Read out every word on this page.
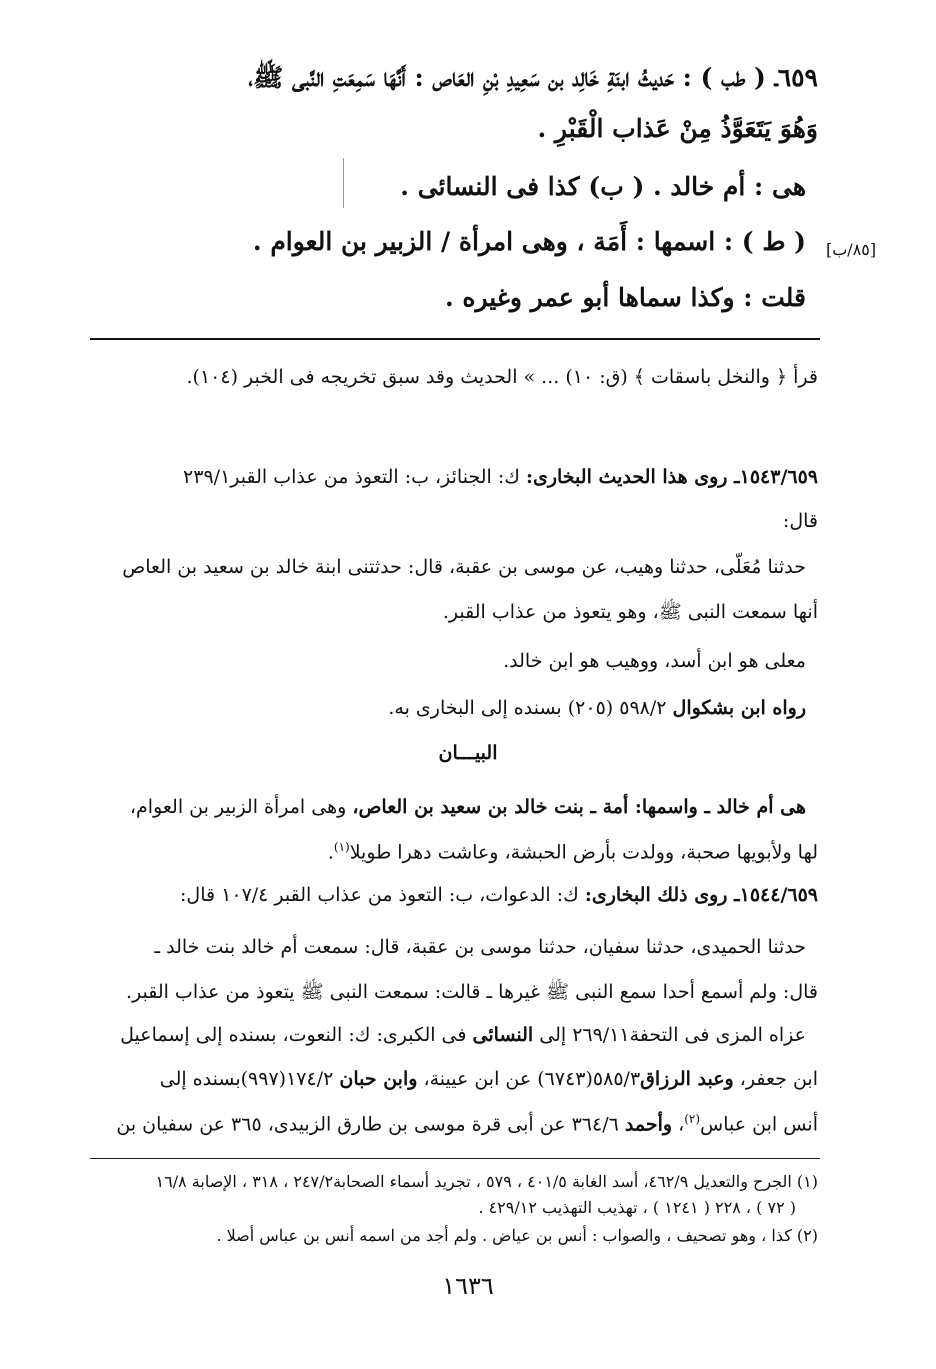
٦٥٩ـ ( طب ) : حَديثُ ابنَةِ خَالِد بن سَعِيدِ بْنِ العَاص : أَنَّهَا سَمِعَتِ النَّبى ﷺ،
وَهُوَ يَتَعَوَّذُ مِنْ عَذاب الْقَبْرِ .
هى : أم خالد . ( ب) كذا فى النسائى .
( ط ) : اسمها : أَمَة ، وهى امرأة / الزبير بن العوام .
قلت : وكذا سماها أبو عمر وغيره .
[٨٥/ب]
قرأ ﴿ والنخل باسقات ﴾ (ق: ١٠) ... » الحديث وقد سبق تخريجه فى الخبر (١٠٤).
١٥٤٣/٦٥٩ـ روى هذا الحديث البخارى: ك: الجنائز، ب: التعوذ من عذاب القبر٢٣٩/١
قال:
حدثنا مُعَلّى، حدثنا وهيب، عن موسى بن عقبة، قال: حدثتنى ابنة خالد بن سعيد بن العاص
أنها سمعت النبى ﷺ، وهو يتعوذ من عذاب القبر.
معلى هو ابن أسد، ووهيب هو ابن خالد.
رواه ابن بشكوال ٥٩٨/٢ (٢٠٥) بسنده إلى البخارى به.
البيـــان
هى أم خالد ـ واسمها: أمة ـ بنت خالد بن سعيد بن العاص، وهى امرأة الزبير بن العوام،
لها ولأبويها صحبة، وولدت بأرض الحبشة، وعاشت دهرا طويلا$^{(١)}$.
١٥٤٤/٦٥٩ـ روى ذلك البخارى: ك: الدعوات، ب: التعوذ من عذاب القبر ١٠٧/٤ قال:
حدثنا الحميدى، حدثنا سفيان، حدثنا موسى بن عقبة، قال: سمعت أم خالد بنت خالد ـ
قال: ولم أسمع أحدا سمع النبى ﷺ غيرها ـ قالت: سمعت النبى ﷺ يتعوذ من عذاب القبر.
عزاه المزى فى التحفة٢٦٩/١١ إلى النسائى فى الكبرى: ك: النعوت، بسنده إلى إسماعيل
ابن جعفر، وعبد الرزاق٥٨٥/٣(٦٧٤٣) عن ابن عيينة، وابن حبان ١٧٤/٢(٩٩٧)بسنده إلى
أنس ابن عباس$^{(٢)}$، وأحمد ٣٦٤/٦ عن أبى قرة موسى بن طارق الزبيدى، ٣٦٥ عن سفيان بن
(١) الجرح والتعديل ٤٦٢/٩، أسد الغابة ٤٠١/٥ ، ٥٧٩ ، تجريد أسماء الصحابة٢٤٧/٢ ، ٣١٨ ، الإصابة ١٦/٨
( ٧٢ ) ، ٢٢٨ ( ١٢٤١ ) ، تهذيب التهذيب ٤٢٩/١٢ .
(٢) كذا ، وهو تصحيف ، والصواب : أنس بن عياض . ولم أجد من اسمه أنس بن عباس أصلا .
١٦٣٦
